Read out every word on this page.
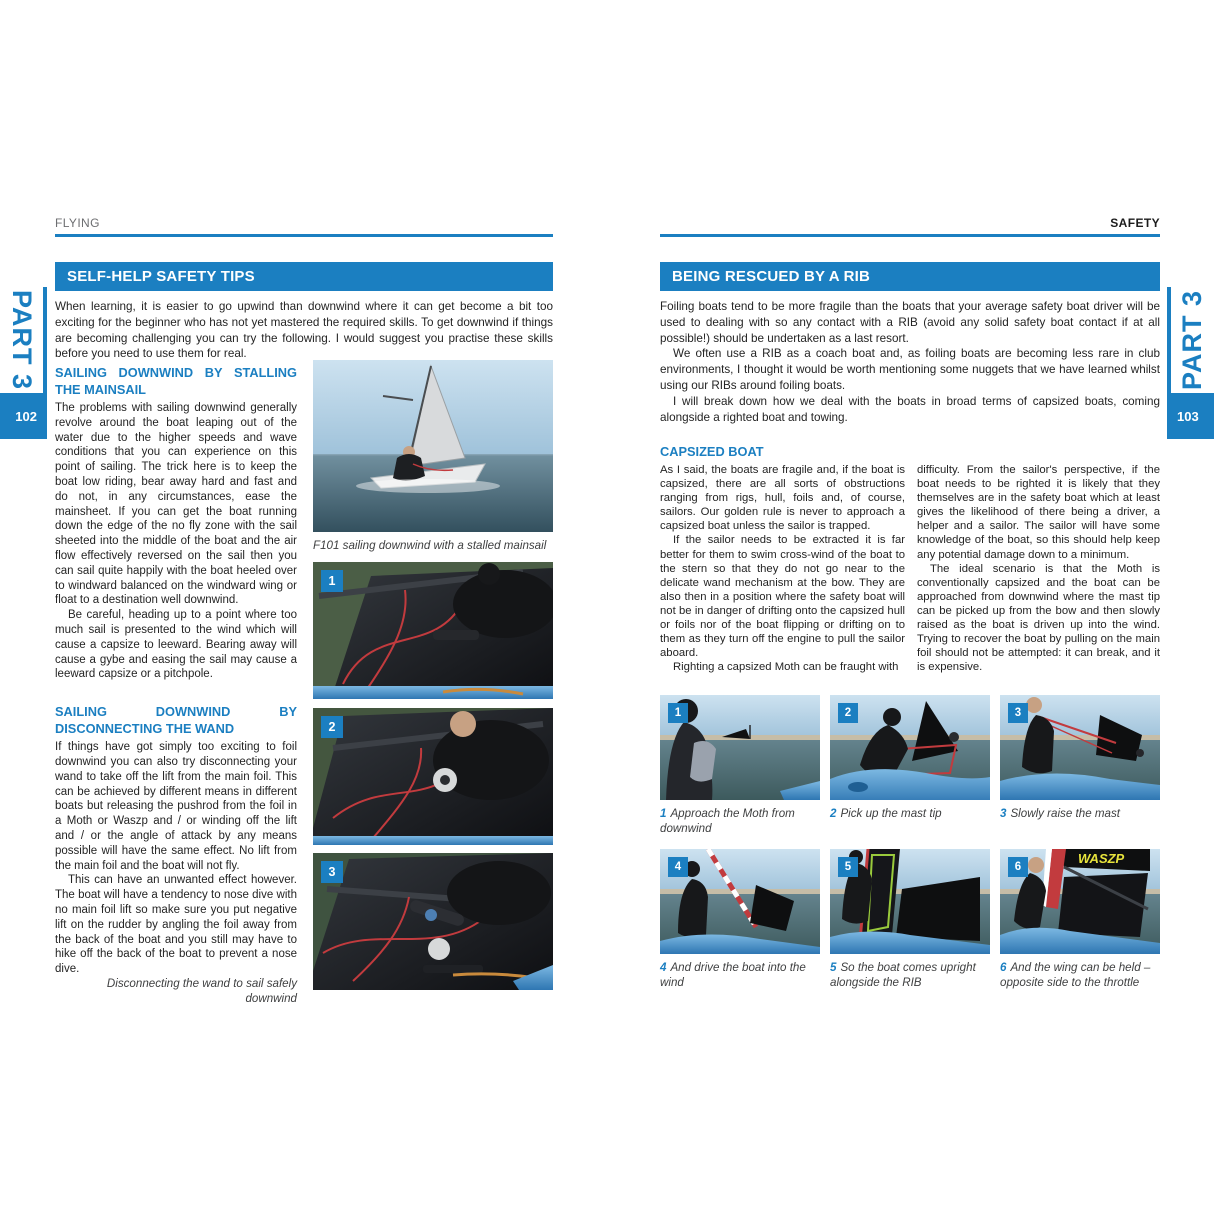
PART 3	PART 3
102	103
FLYING
SELF-HELP SAFETY TIPS

When learning, it is easier to go upwind than downwind where it can get become a bit too exciting for the beginner who has not yet mastered the required skills. To get downwind if things are becoming challenging you can try the following. I would suggest you practise these skills before you need to use them for real.

SAILING DOWNWIND BY STALLING THE MAINSAIL

The problems with sailing downwind generally revolve around the boat leaping out of the water due to the higher speeds and wave conditions that you can experience on this point of sailing. The trick here is to keep the boat low riding, bear away hard and fast and do not, in any circumstances, ease the mainsheet. If you can get the boat running down the edge of the no fly zone with the sail sheeted into the middle of the boat and the air flow effectively reversed on the sail then you can sail quite happily with the boat heeled over to windward balanced on the windward wing or float to a destination well downwind.

Be careful, heading up to a point where too much sail is presented to the wind which will cause a capsize to leeward. Bearing away will cause a gybe and easing the sail may cause a leeward capsize or a pitchpole.

SAILING DOWNWIND BY DISCONNECTING THE WAND

If things have got simply too exciting to foil downwind you can also try disconnecting your wand to take off the lift from the main foil. This can be achieved by different means in different boats but releasing the pushrod from the foil in a Moth or Waszp and / or winding off the lift and / or the angle of attack by any means possible will have the same effect. No lift from the main foil and the boat will not fly.

This can have an unwanted effect however. The boat will have a tendency to nose dive with no main foil lift so make sure you put negative lift on the rudder by angling the foil away from the back of the boat and you still may have to hike off the back of the boat to prevent a nose dive.

Disconnecting the wand to sail safely downwind
F101 sailing downwind with a stalled mainsail
1
2
3
SAFETY
BEING RESCUED BY A RIB

Foiling boats tend to be more fragile than the boats that your average safety boat driver will be used to dealing with so any contact with a RIB (avoid any solid safety boat contact if at all possible!) should be undertaken as a last resort.

We often use a RIB as a coach boat and, as foiling boats are becoming less rare in club environments, I thought it would be worth mentioning some nuggets that we have learned whilst using our RIBs around foiling boats.

I will break down how we deal with the boats in broad terms of capsized boats, coming alongside a righted boat and towing.

CAPSIZED BOAT

As I said, the boats are fragile and, if the boat is capsized, there are all sorts of obstructions ranging from rigs, hull, foils and, of course, sailors. Our golden rule is never to approach a capsized boat unless the sailor is trapped.

If the sailor needs to be extracted it is far better for them to swim cross-wind of the boat to the stern so that they do not go near to the delicate wand mechanism at the bow. They are also then in a position where the safety boat will not be in danger of drifting onto the capsized hull or foils nor of the boat flipping or drifting on to them as they turn off the engine to pull the sailor aboard.

Righting a capsized Moth can be fraught with

difficulty. From the sailor's perspective, if the boat needs to be righted it is likely that they themselves are in the safety boat which at least gives the likelihood of there being a driver, a helper and a sailor. The sailor will have some knowledge of the boat, so this should help keep any potential damage down to a minimum.

The ideal scenario is that the Moth is conventionally capsized and the boat can be approached from downwind where the mast tip can be picked up from the bow and then slowly raised as the boat is driven up into the wind. Trying to recover the boat by pulling on the main foil should not be attempted: it can break, and it is expensive.

1	2	3
1 Approach the Moth from downwind
2 Pick up the mast tip	3 Slowly raise the mast
4	5
WASZP
6
4 And drive the boat into the wind
5 So the boat comes upright alongside the RIB
6 And the wing can be held – opposite side to the throttle
